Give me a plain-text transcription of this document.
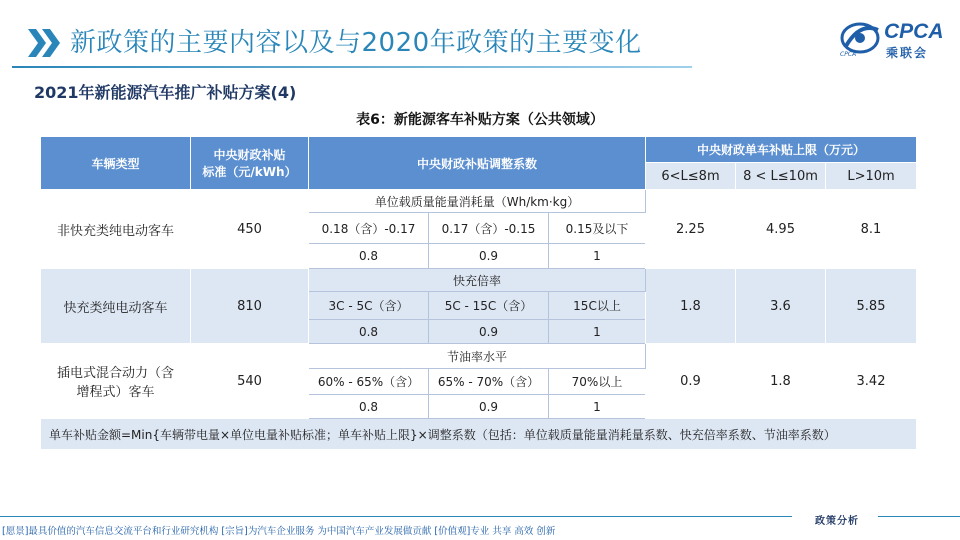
新政策的主要内容以及与2020年政策的主要变化	CPCA
乘联会
CPCA
2021年新能源汽车推广补贴方案(4)
表6：新能源客车补贴方案（公共领域）
车辆类型	中央财政补贴
标准（元/kWh）	中央财政补贴调整系数			中央财政单车补贴上限（万元）		
					6<L≤8m	8 < L≤10m	L>10m
非快充类纯电动客车	450	单位载质量能量消耗量（Wh/km·kg）			2.25	4.95	8.1
		0.18（含）-0.17	0.17（含）-0.15	0.15及以下			
		0.8	0.9	1			
快充类纯电动客车	810	快充倍率			1.8	3.6	5.85
		3C - 5C（含）	5C - 15C（含）	15C以上			
		0.8	0.9	1			
插电式混合动力（含
增程式）客车	540	节油率水平			0.9	1.8	3.42
		60% - 65%（含）	65% - 70%（含）	70%以上			
		0.8	0.9	1			
单车补贴金额=Min{车辆带电量×单位电量补贴标准；单车补贴上限}×调整系数（包括：单位载质量能量消耗量系数、快充倍率系数、节油率系数）							
政策分析
[愿景]最具价值的汽车信息交流平台和行业研究机构 [宗旨]为汽车企业服务 为中国汽车产业发展做贡献 [价值观]专业 共享 高效 创新
